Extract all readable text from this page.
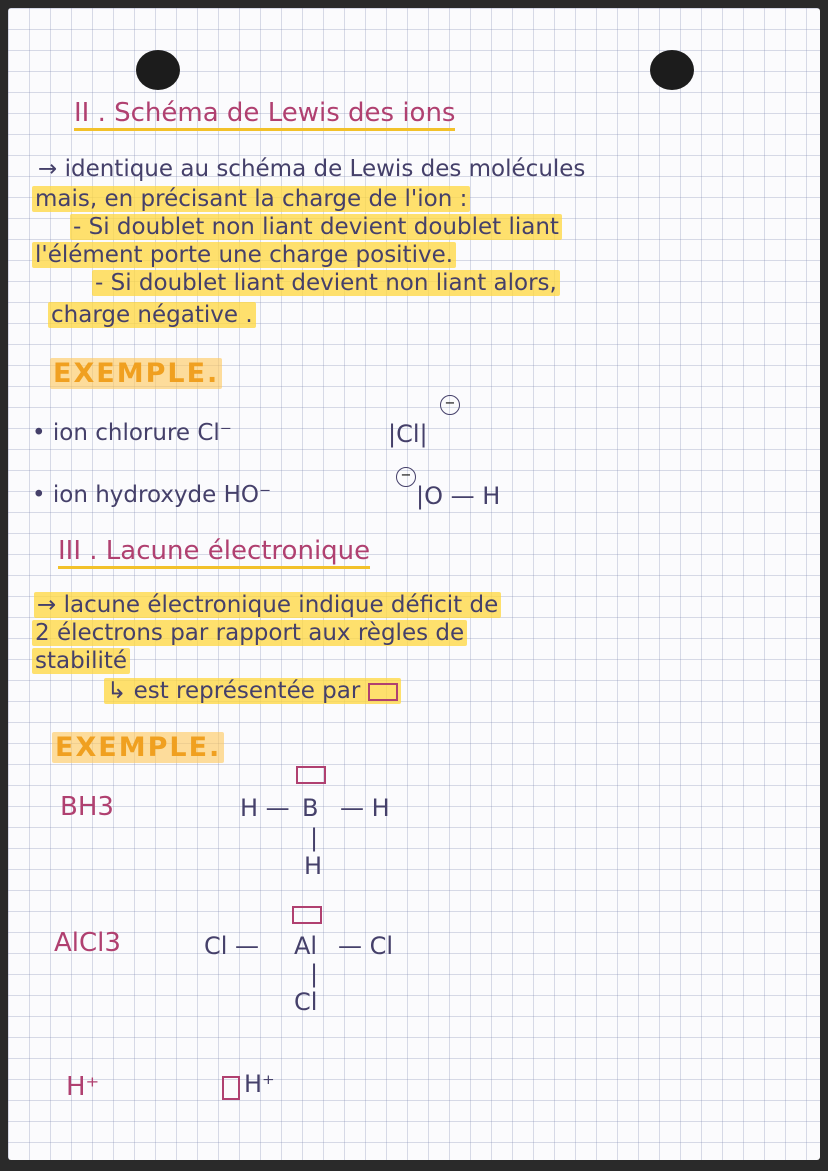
II . Schéma de Lewis des ions
→ identique au schéma de Lewis des molécules
mais, en précisant la charge de l'ion :
- Si doublet non liant devient doublet liant
l'élément porte une charge positive.
- Si doublet liant devient non liant alors,
charge négative .
EXEMPLE.
• ion chlorure Cl⁻	|Cl|
−
• ion hydroxyde HO⁻
−
|O — H
III . Lacune électronique
→ lacune électronique indique déficit de
2 électrons par rapport aux règles de
stabilité
↳ est représentée par
EXEMPLE.
BH3	H — B — H
|
H
AlCl3	Cl — Al — Cl
|
Cl
H⁺	H⁺
